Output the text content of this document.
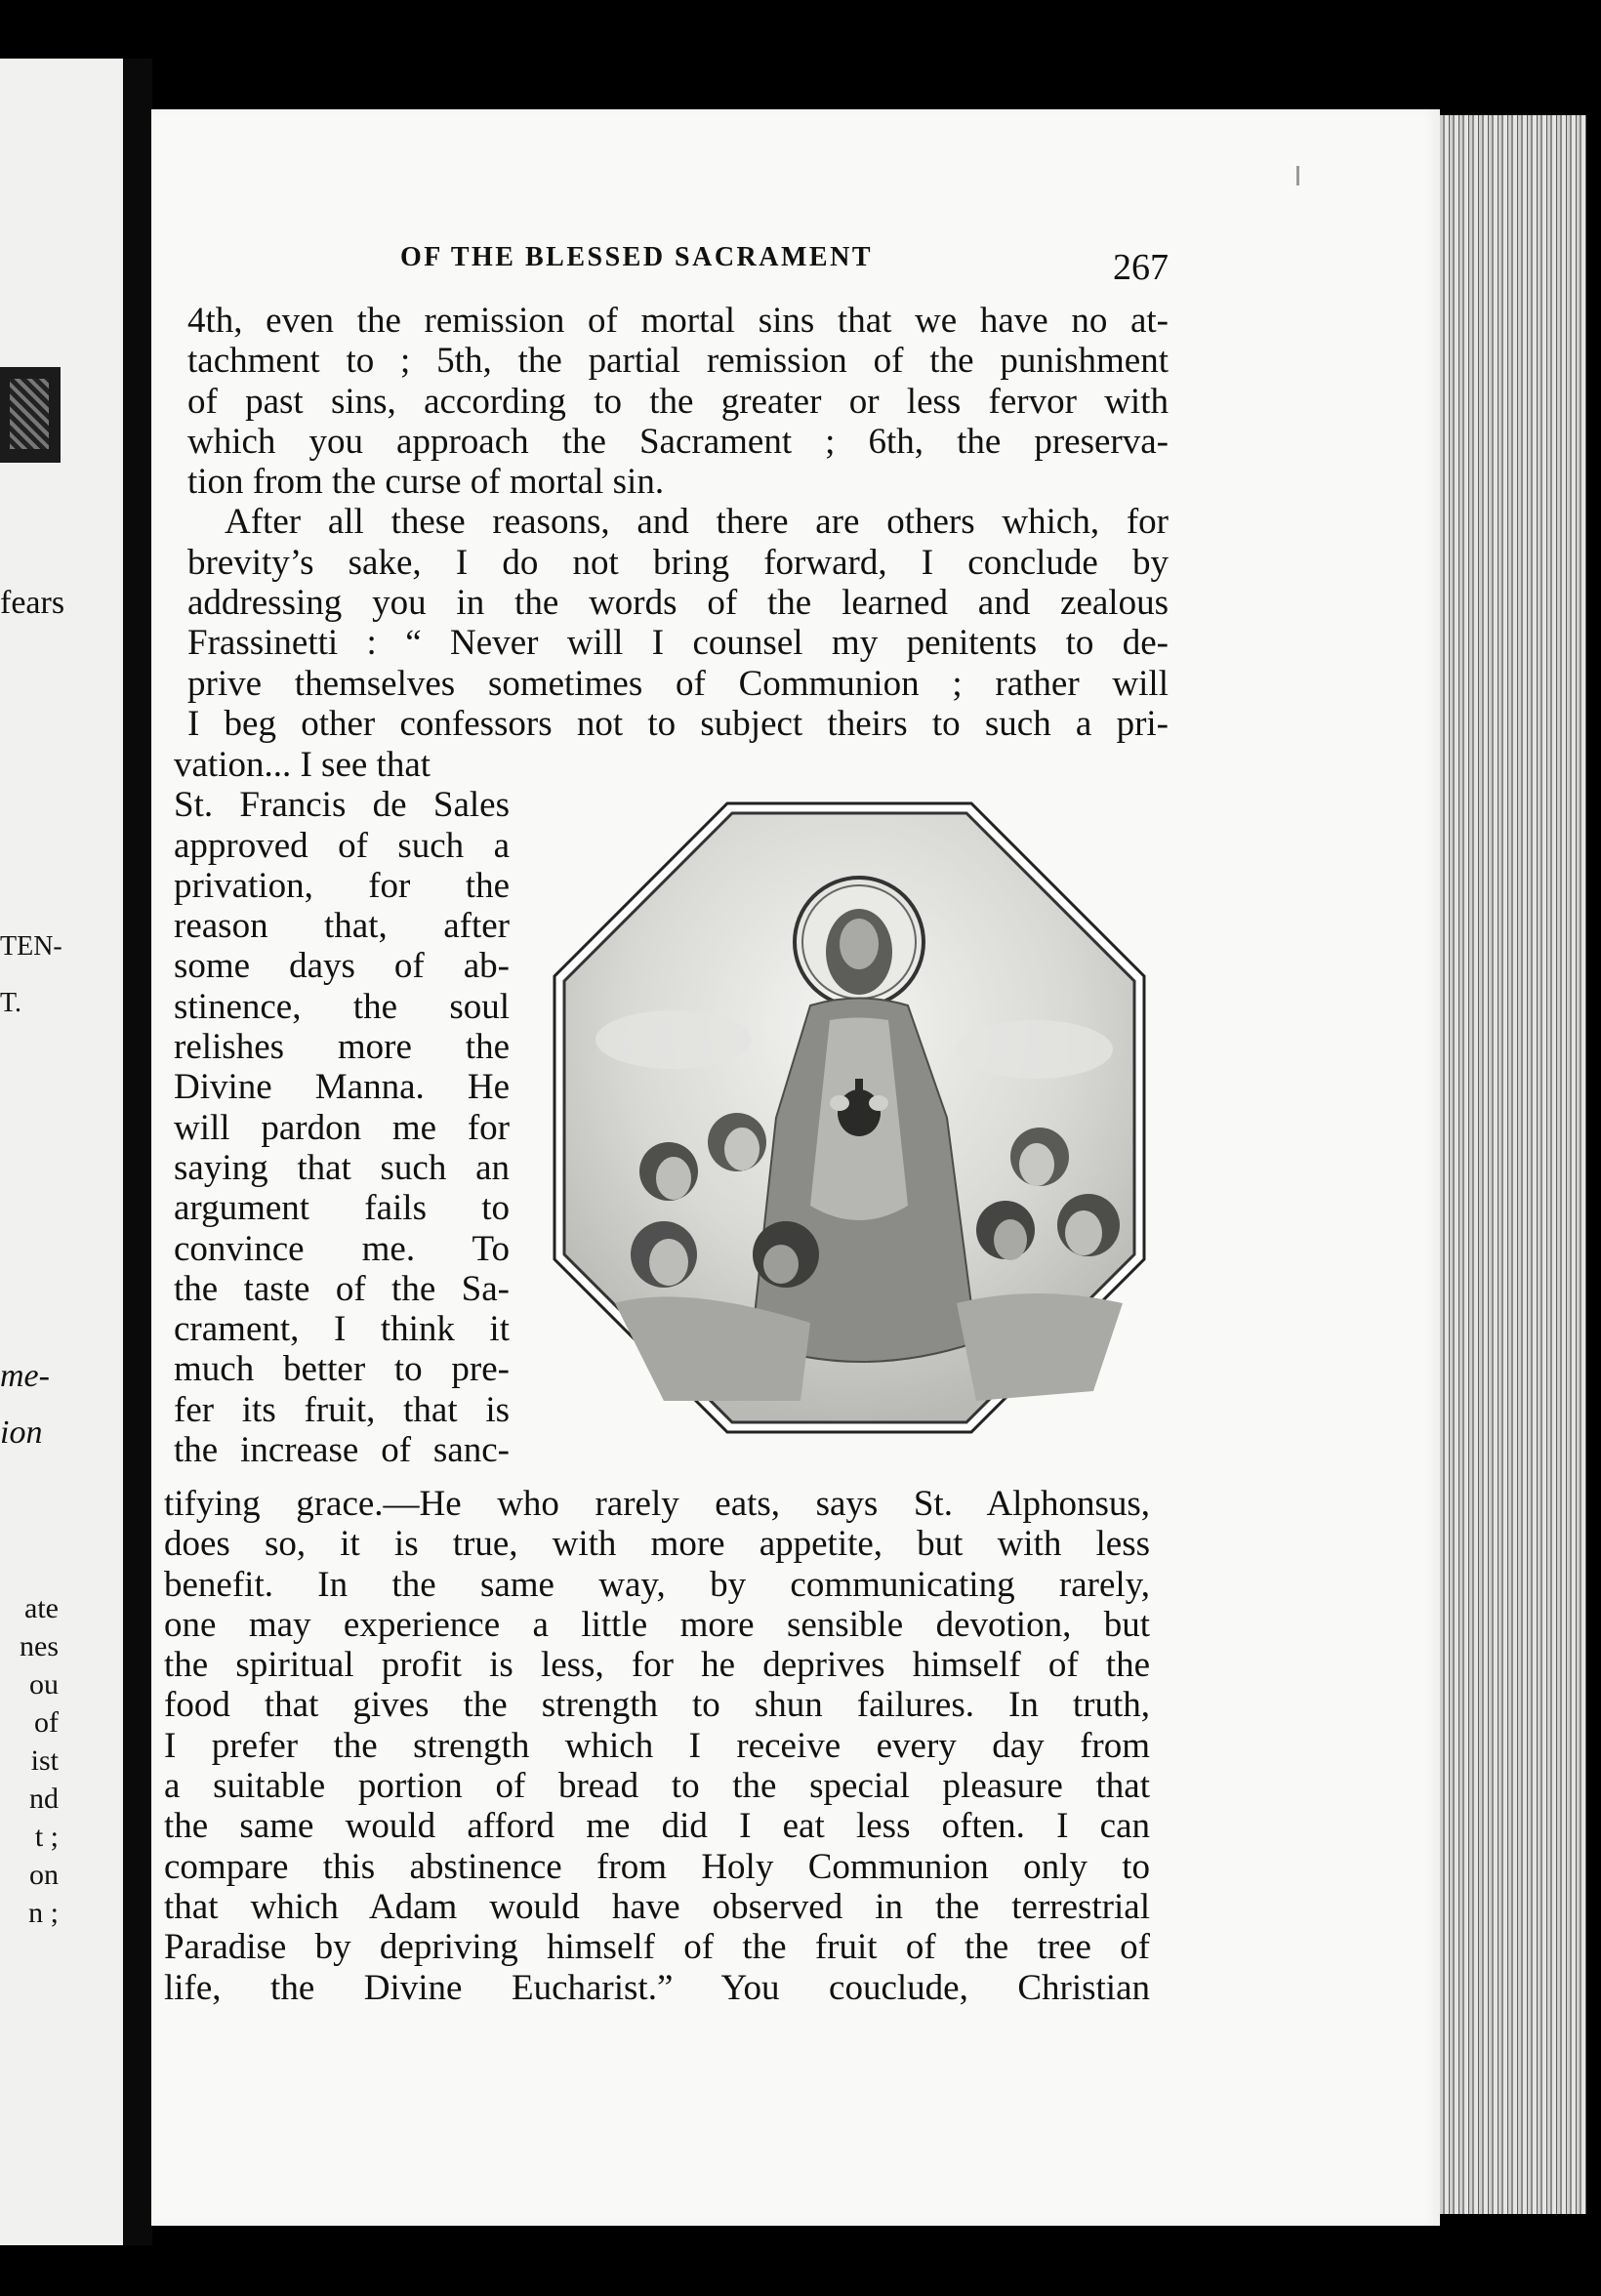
fears
TEN-
T.
me-
ion
ate
nes
ou
of
ist
nd
t ;
on
n ;
OF THE BLESSED SACRAMENT	267
4th, even the remission of mortal sins that we have no at-
tachment to ; 5th, the partial remission of the punishment
of past sins, according to the greater or less fervor with
which you approach the Sacrament ; 6th, the preserva-
tion from the curse of mortal sin.
After all these reasons, and there are others which, for
brevity’s sake, I do not bring forward, I conclude by
addressing you in the words of the learned and zealous
Frassinetti : “ Never will I counsel my penitents to de-
prive themselves sometimes of Communion ; rather will
I beg other confessors not to subject theirs to such a pri-
vation... I see that
St. Francis de Sales
approved of such a
privation, for the
reason that, after
some days of ab-
stinence, the soul
relishes more the
Divine Manna. He
will pardon me for
saying that such an
argument fails to
convince me. To
the taste of the Sa-
crament, I think it
much better to pre-
fer its fruit, that is
the increase of sanc-
tifying grace.—He who rarely eats, says St. Alphonsus,
does so, it is true, with more appetite, but with less
benefit. In the same way, by communicating rarely,
one may experience a little more sensible devotion, but
the spiritual profit is less, for he deprives himself of the
food that gives the strength to shun failures. In truth,
I prefer the strength which I receive every day from
a suitable portion of bread to the special pleasure that
the same would afford me did I eat less often. I can
compare this abstinence from Holy Communion only to
that which Adam would have observed in the terrestrial
Paradise by depriving himself of the fruit of the tree of
life, the Divine Eucharist.” You couclude, Christian
